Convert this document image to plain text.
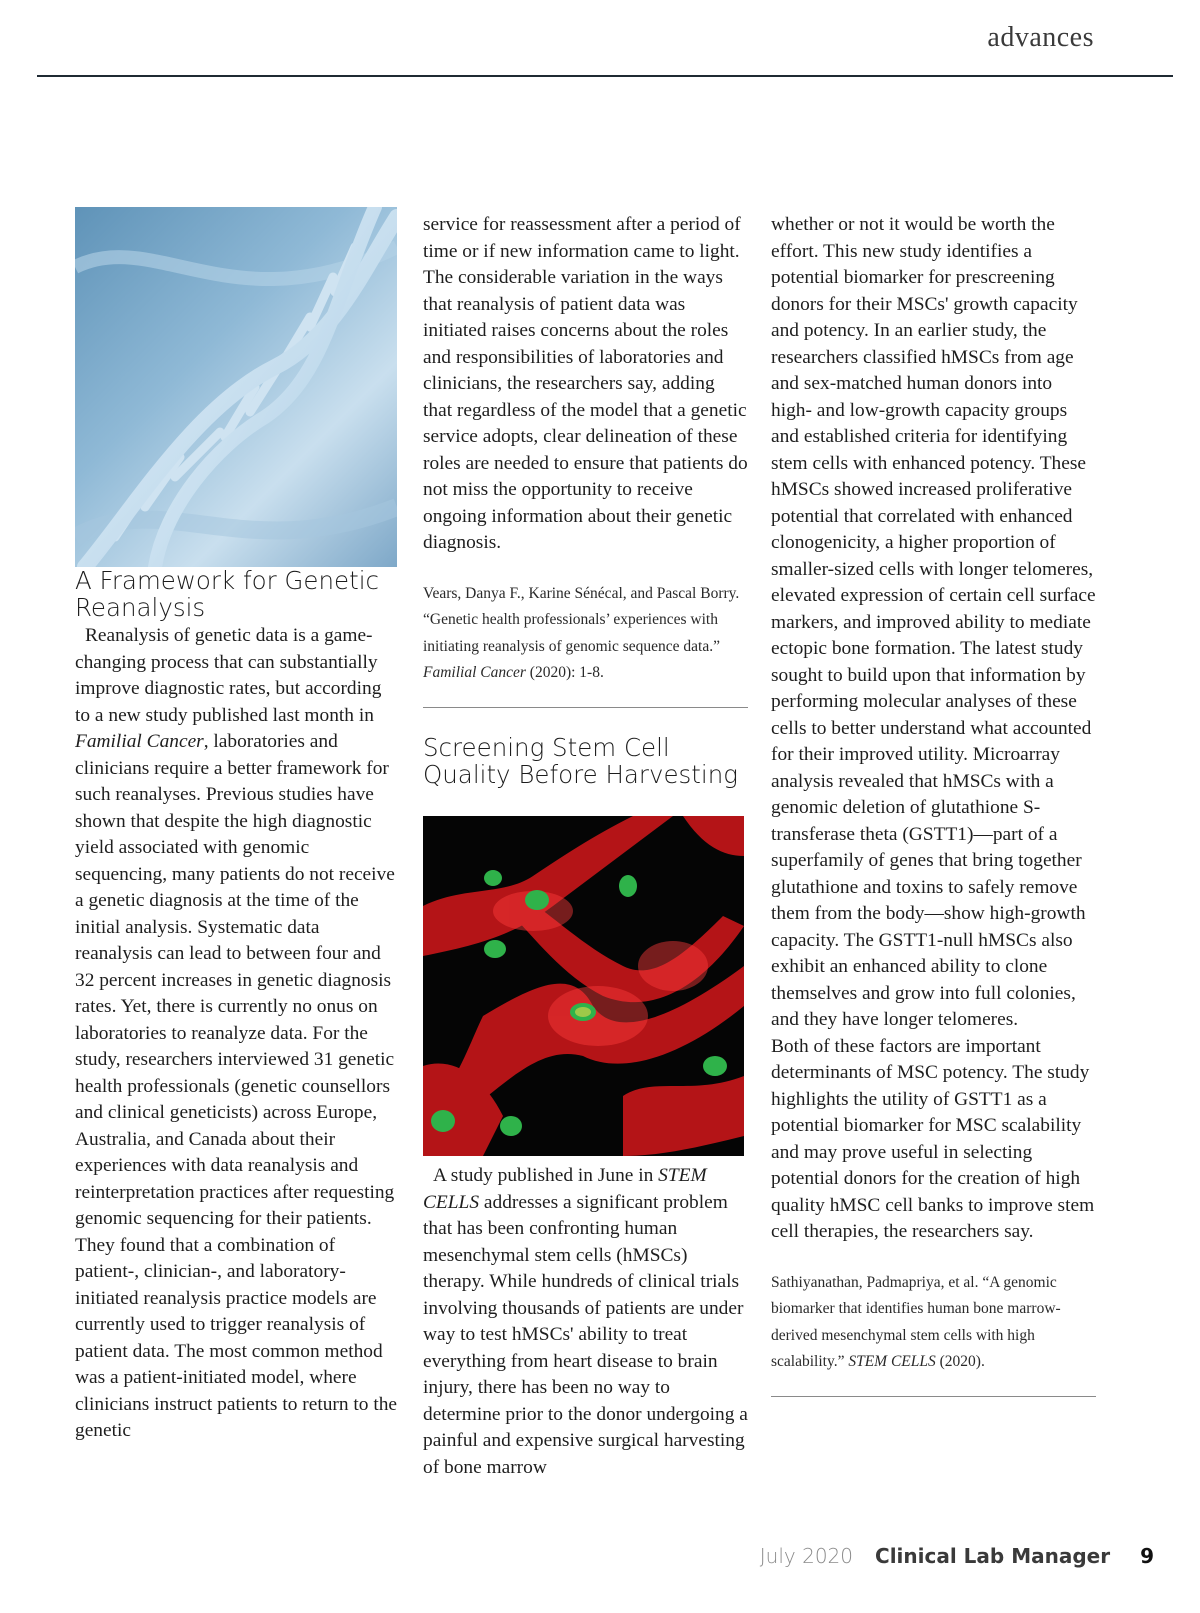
advances
A Framework for Genetic Reanalysis

Reanalysis of genetic data is a game-changing process that can substantially improve diagnostic rates, but according to a new study published last month in Familial Cancer, laboratories and clinicians require a better framework for such reanalyses. Previous studies have shown that despite the high diagnostic yield associated with genomic sequencing, many patients do not receive a genetic diagnosis at the time of the initial analysis. Systematic data reanalysis can lead to between four and 32 percent increases in genetic diagnosis rates. Yet, there is currently no onus on laboratories to reanalyze data. For the study, researchers interviewed 31 genetic health professionals (genetic counsellors and clinical geneticists) across Europe, Australia, and Canada about their experiences with data reanalysis and reinterpretation practices after requesting genomic sequencing for their patients. They found that a combination of patient-, clinician-, and laboratory-initiated reanalysis practice models are currently used to trigger reanalysis of patient data. The most common method was a patient-initiated model, where clinicians instruct patients to return to the genetic

service for reassessment after a period of time or if new information came to light. The considerable variation in the ways that reanalysis of patient data was initiated raises concerns about the roles and responsibilities of laboratories and clinicians, the researchers say, adding that regardless of the model that a genetic service adopts, clear delineation of these roles are needed to ensure that patients do not miss the opportunity to receive ongoing information about their genetic diagnosis.

Vears, Danya F., Karine Sénécal, and Pascal Borry. “Genetic health professionals’ experiences with initiating reanalysis of genomic sequence data.” Familial Cancer (2020): 1-8.

Screening Stem Cell Quality Before Harvesting

A study published in June in STEM CELLS addresses a significant problem that has been confronting human mesenchymal stem cells (hMSCs) therapy. While hundreds of clinical trials involving thousands of patients are under way to test hMSCs' ability to treat everything from heart disease to brain injury, there has been no way to determine prior to the donor undergoing a painful and expensive surgical harvesting of bone marrow

whether or not it would be worth the effort. This new study identifies a potential biomarker for prescreening donors for their MSCs' growth capacity and potency. In an earlier study, the researchers classified hMSCs from age and sex-matched human donors into high- and low-growth capacity groups and established criteria for identifying stem cells with enhanced potency. These hMSCs showed increased proliferative potential that correlated with enhanced clonogenicity, a higher proportion of smaller-sized cells with longer telomeres, elevated expression of certain cell surface markers, and improved ability to mediate ectopic bone formation. The latest study sought to build upon that information by performing molecular analyses of these cells to better understand what accounted for their improved utility. Microarray analysis revealed that hMSCs with a genomic deletion of glutathione S-transferase theta (GSTT1)—part of a superfamily of genes that bring together glutathione and toxins to safely remove them from the body—show high-growth capacity. The GSTT1-null hMSCs also exhibit an enhanced ability to clone themselves and grow into full colonies, and they have longer telomeres.

Both of these factors are important determinants of MSC potency. The study highlights the utility of GSTT1 as a potential biomarker for MSC scalability and may prove useful in selecting potential donors for the creation of high quality hMSC cell banks to improve stem cell therapies, the researchers say.

Sathiyanathan, Padmapriya, et al. “A genomic biomarker that identifies human bone marrow-derived mesenchymal stem cells with high scalability.” STEM CELLS (2020).

July 2020 Clinical Lab Manager 9
